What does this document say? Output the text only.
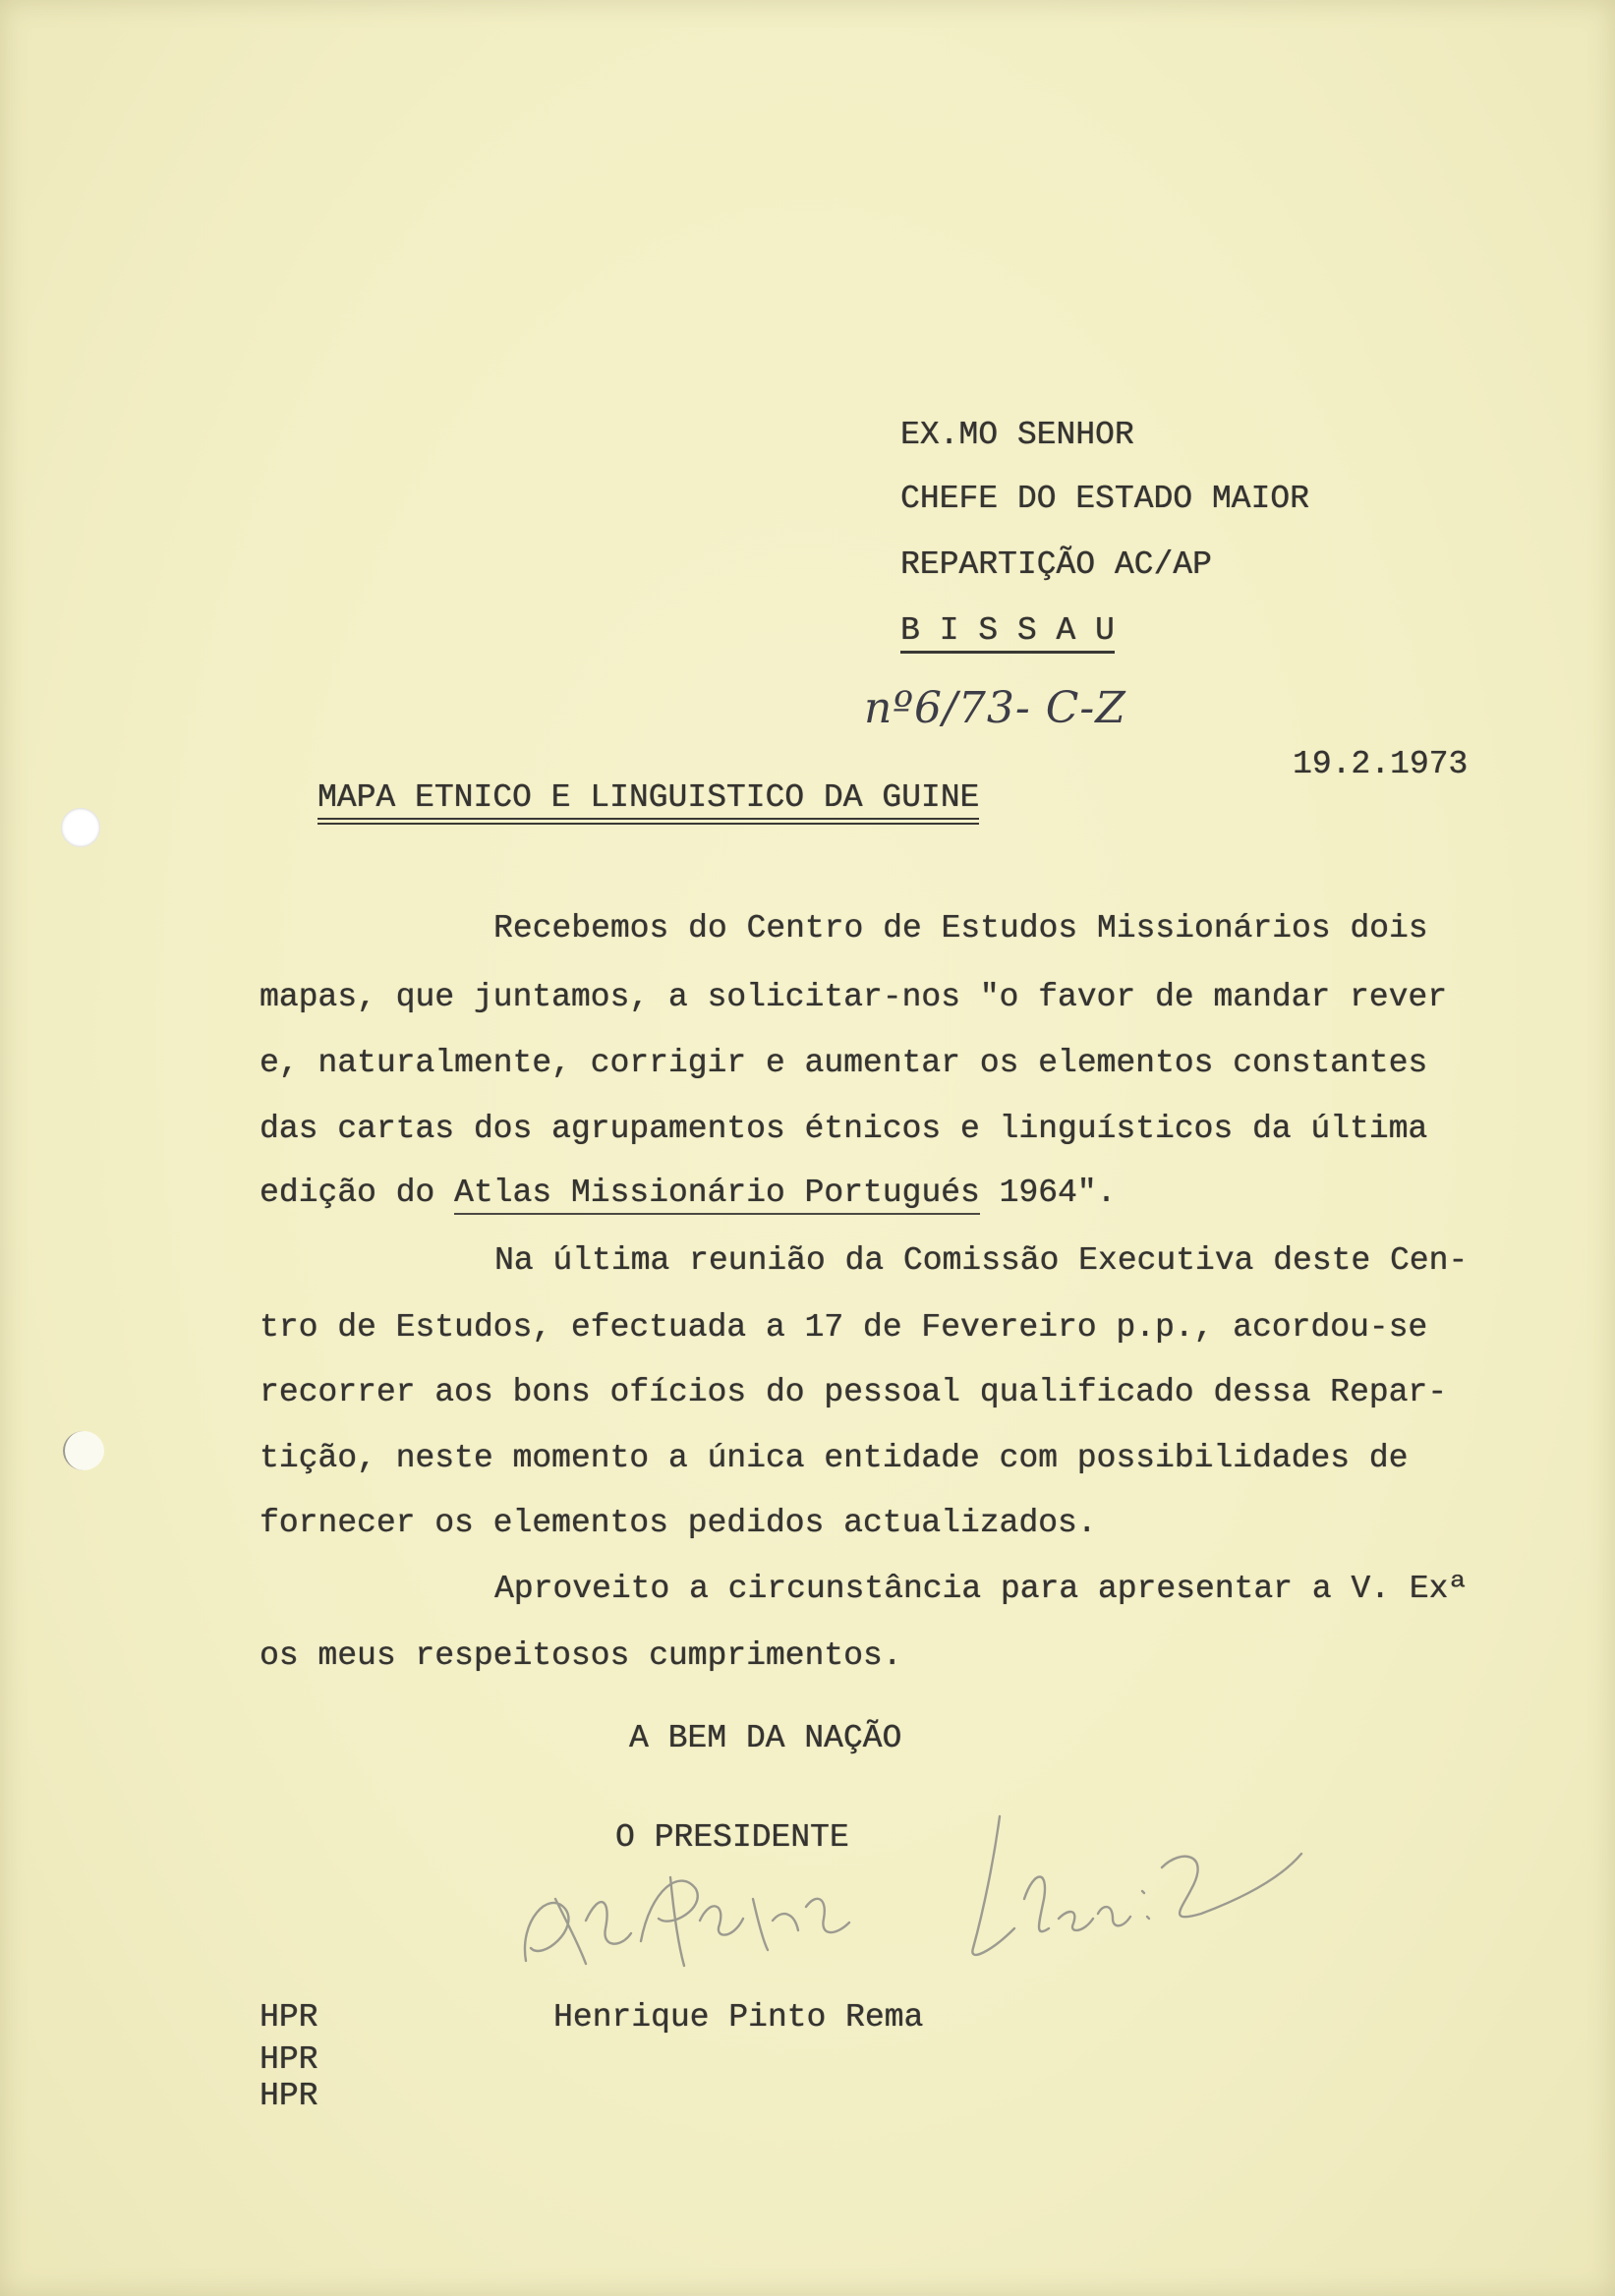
EX.MO SENHOR
CHEFE DO ESTADO MAIOR
REPARTIÇÃO AC/AP
B I S S A U
nº6/73- C-Z
19.2.1973
MAPA ETNICO E LINGUISTICO DA GUINE
Recebemos do Centro de Estudos Missionários dois
mapas, que juntamos, a solicitar-nos "o favor de mandar rever
e, naturalmente, corrigir e aumentar os elementos constantes
das cartas dos agrupamentos étnicos e linguísticos da última
edição do Atlas Missionário Portugués 1964".
Na última reunião da Comissão Executiva deste Cen-
tro de Estudos, efectuada a 17 de Fevereiro p.p., acordou-se
recorrer aos bons ofícios do pessoal qualificado dessa Repar-
tição, neste momento a única entidade com possibilidades de
fornecer os elementos pedidos actualizados.
Aproveito a circunstância para apresentar a V. Exª
os meus respeitosos cumprimentos.
A BEM DA NAÇÃO
O PRESIDENTE
Henrique Pinto Rema
HPR
HPR
HPR
